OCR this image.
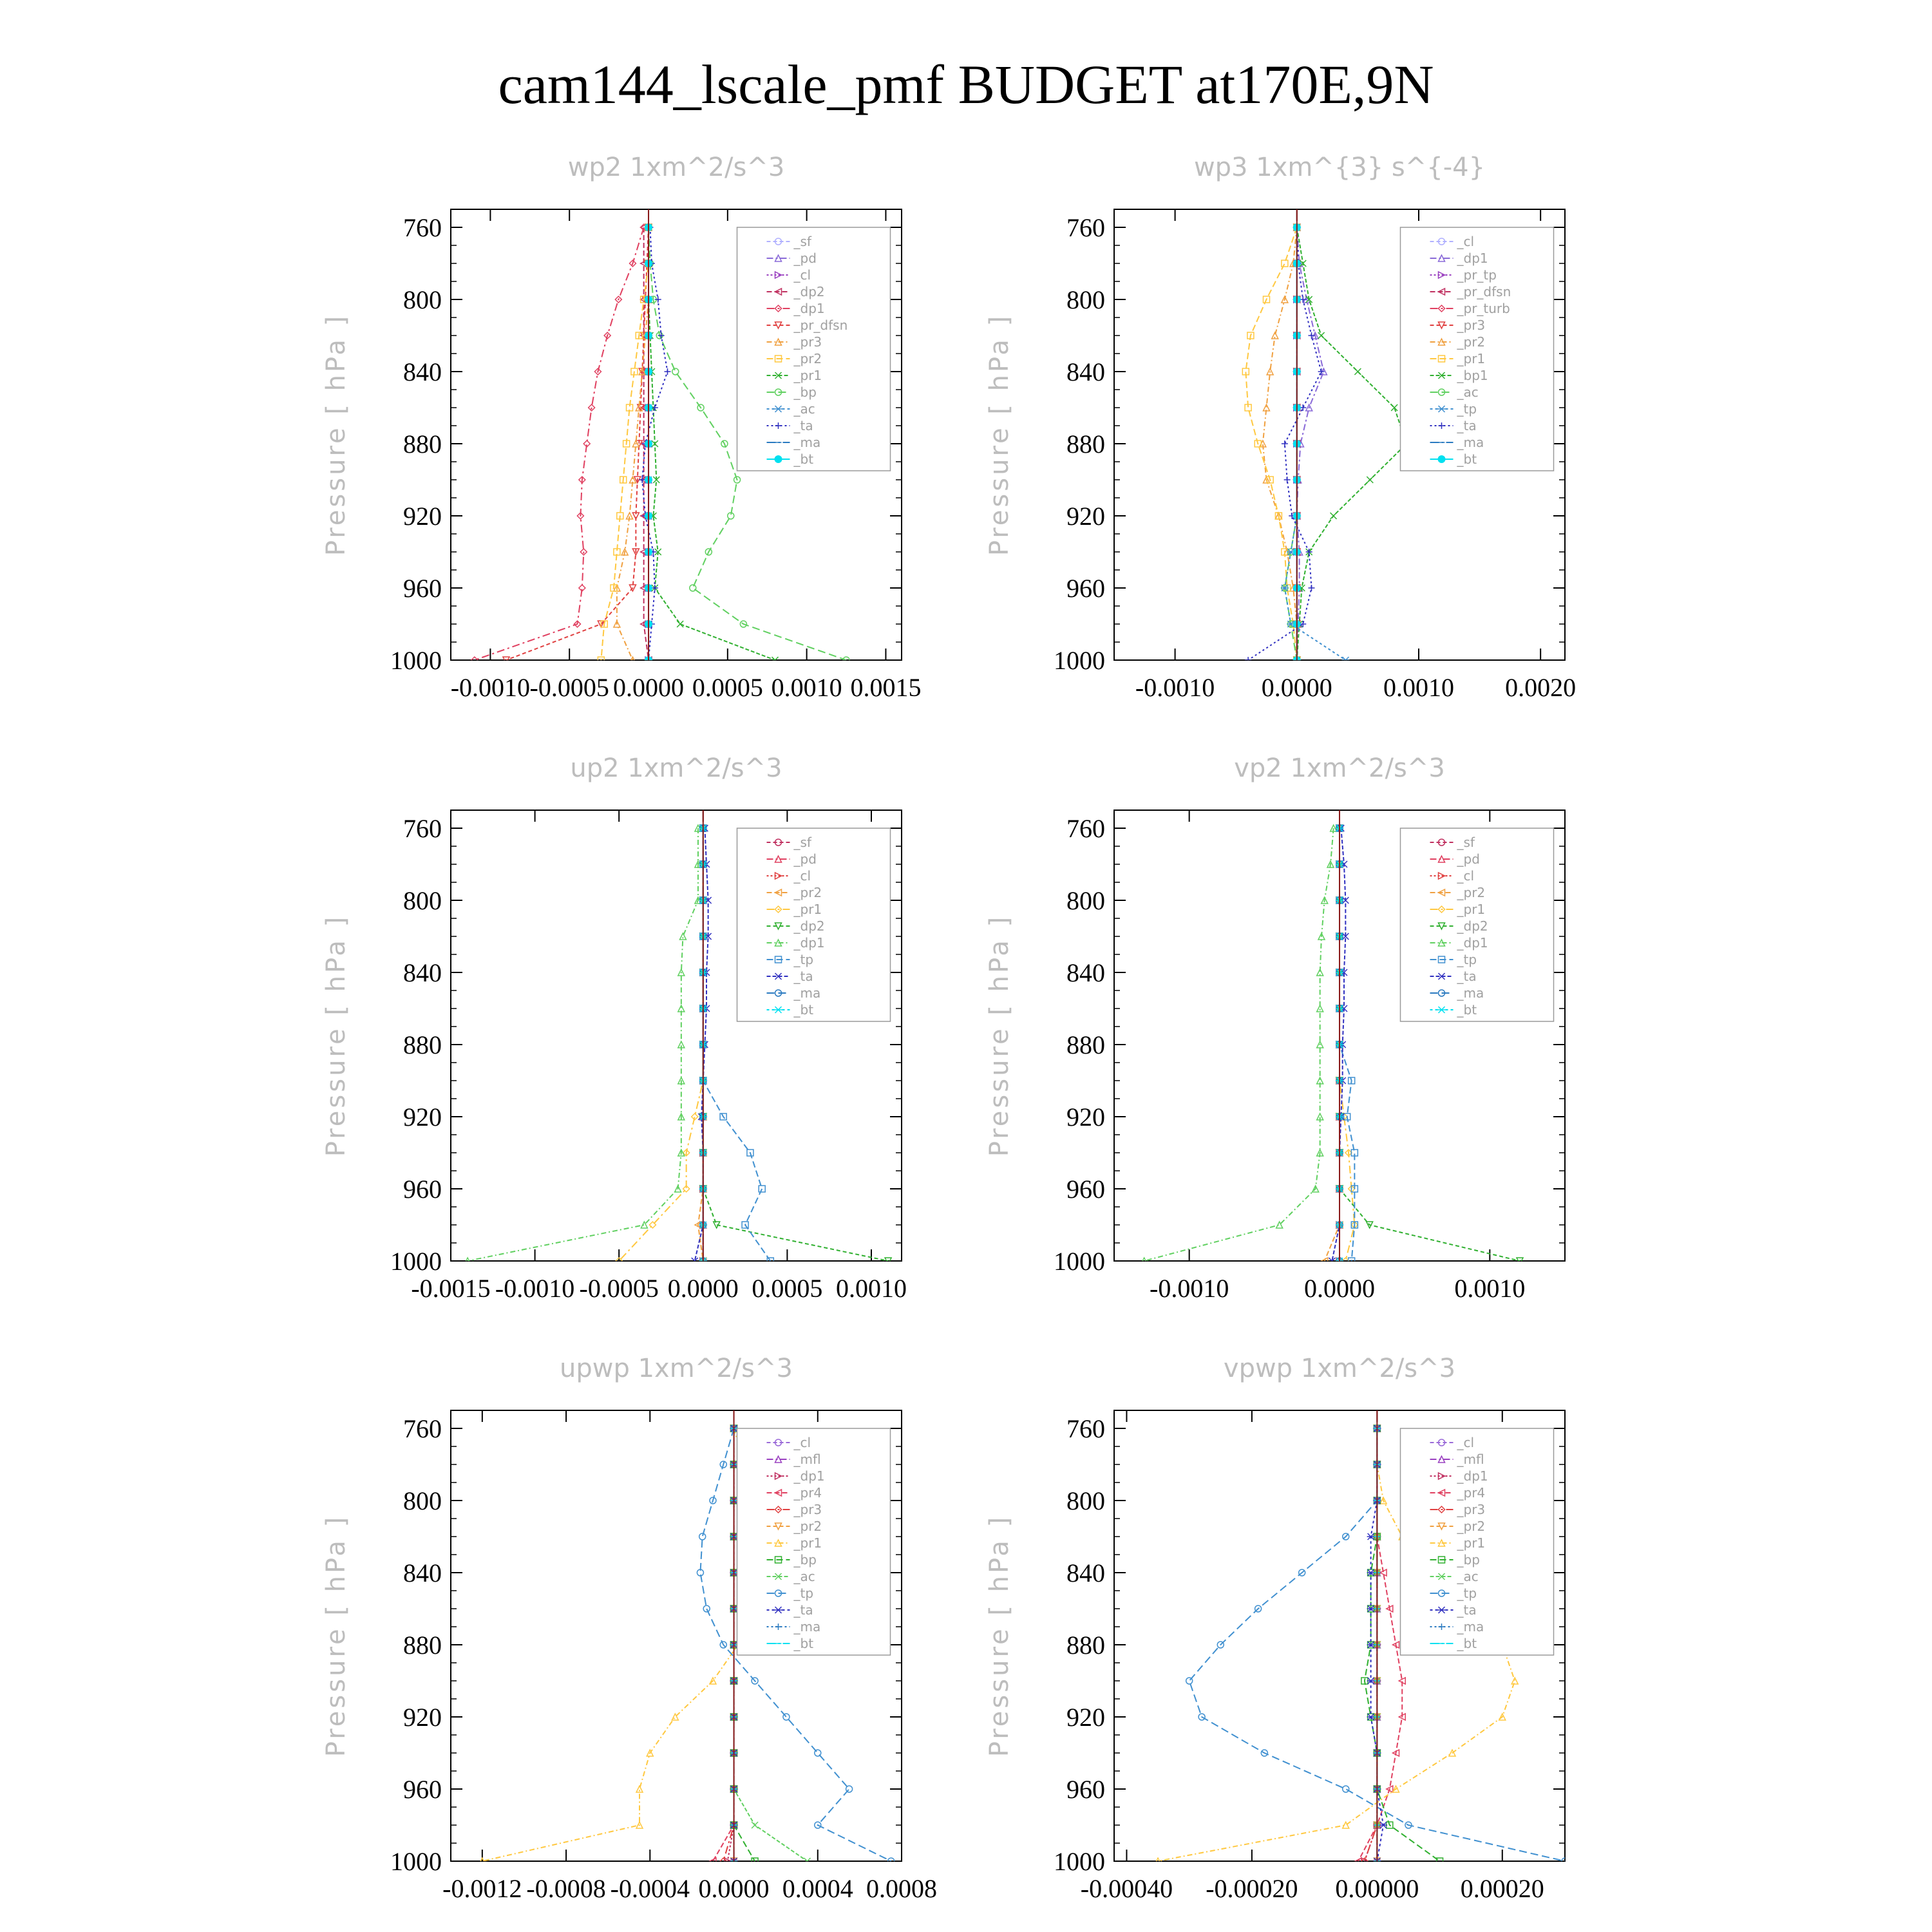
cam144_lscale_pmf BUDGET at170E,9N
wp2 1xm^2/s^3
Pressure [ hPa ]
760
800
840
880
920
960
1000
-0.0010 -0.0005 0.0000 0.0005 0.0010 0.0015
_sf
_pd
_cl
_dp2
_dp1
_pr_dfsn
_pr3
_pr2
_pr1
_bp
_ac
_ta
_ma
_bt
wp3 1xm^{3} s^{-4}
Pressure [ hPa ]
760
800
840
880
920
960
1000
-0.0010 0.0000 0.0010 0.0020
_cl
_dp1
_pr_tp
_pr_dfsn
_pr_turb
_pr3
_pr2
_pr1
_bp1
_ac
_tp
_ta
_ma
_bt
up2 1xm^2/s^3
Pressure [ hPa ]
760
800
840
880
920
960
1000
-0.0015 -0.0010 -0.0005 0.0000 0.0005 0.0010
_sf
_pd
_cl
_pr2
_pr1
_dp2
_dp1
_tp
_ta
_ma
_bt
vp2 1xm^2/s^3
Pressure [ hPa ]
760
800
840
880
920
960
1000
-0.0010	0.0000	0.0010
_sf
_pd
_cl
_pr2
_pr1
_dp2
_dp1
_tp
_ta
_ma
_bt
upwp 1xm^2/s^3
Pressure [ hPa ]
760
800
840
880
920
960
1000
-0.0012 -0.0008 -0.0004 0.0000 0.0004 0.0008
_cl
_mfl
_dp1
_pr4
_pr3
_pr2
_pr1
_bp
_ac
_tp
_ta
_ma
_bt
vpwp 1xm^2/s^3
Pressure [ hPa ]
760
800
840
880
920
960
1000
-0.00040 -0.00020 0.00000 0.00020
_cl
_mfl
_dp1
_pr4
_pr3
_pr2
_pr1
_bp
_ac
_tp
_ta
_ma
_bt
